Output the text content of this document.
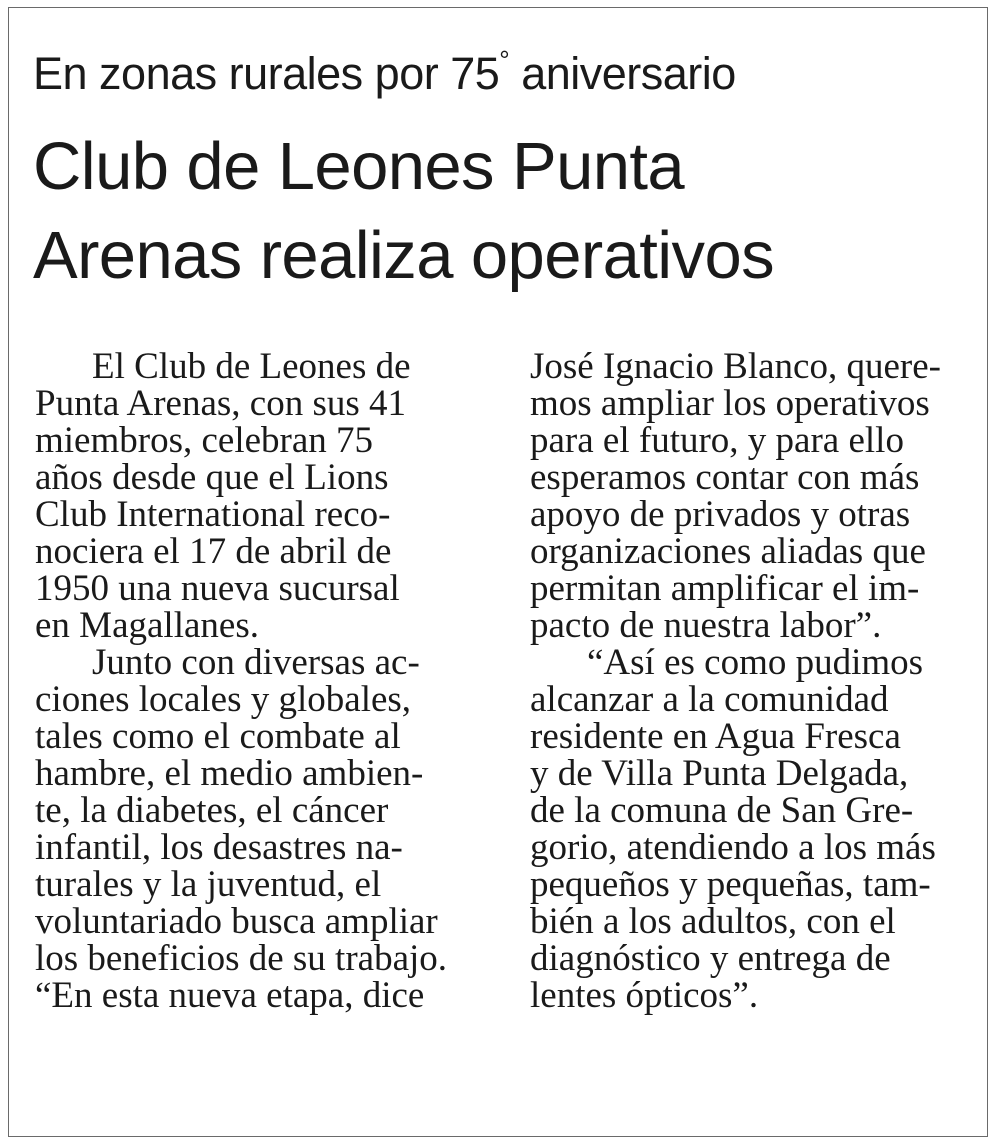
En zonas rurales por 75° aniversario
Club de Leones Punta
Arenas realiza operativos
El Club de Leones de
Punta Arenas, con sus 41
miembros, celebran 75
años desde que el Lions
Club International reco-
nociera el 17 de abril de
1950 una nueva sucursal
en Magallanes.
Junto con diversas ac-
ciones locales y globales,
tales como el combate al
hambre, el medio ambien-
te, la diabetes, el cáncer
infantil, los desastres na-
turales y la juventud, el
voluntariado busca ampliar
los beneficios de su trabajo.
“En esta nueva etapa, dice
José Ignacio Blanco, quere-
mos ampliar los operativos
para el futuro, y para ello
esperamos contar con más
apoyo de privados y otras
organizaciones aliadas que
permitan amplificar el im-
pacto de nuestra labor”.
“Así es como pudimos
alcanzar a la comunidad
residente en Agua Fresca
y de Villa Punta Delgada,
de la comuna de San Gre-
gorio, atendiendo a los más
pequeños y pequeñas, tam-
bién a los adultos, con el
diagnóstico y entrega de
lentes ópticos”.
